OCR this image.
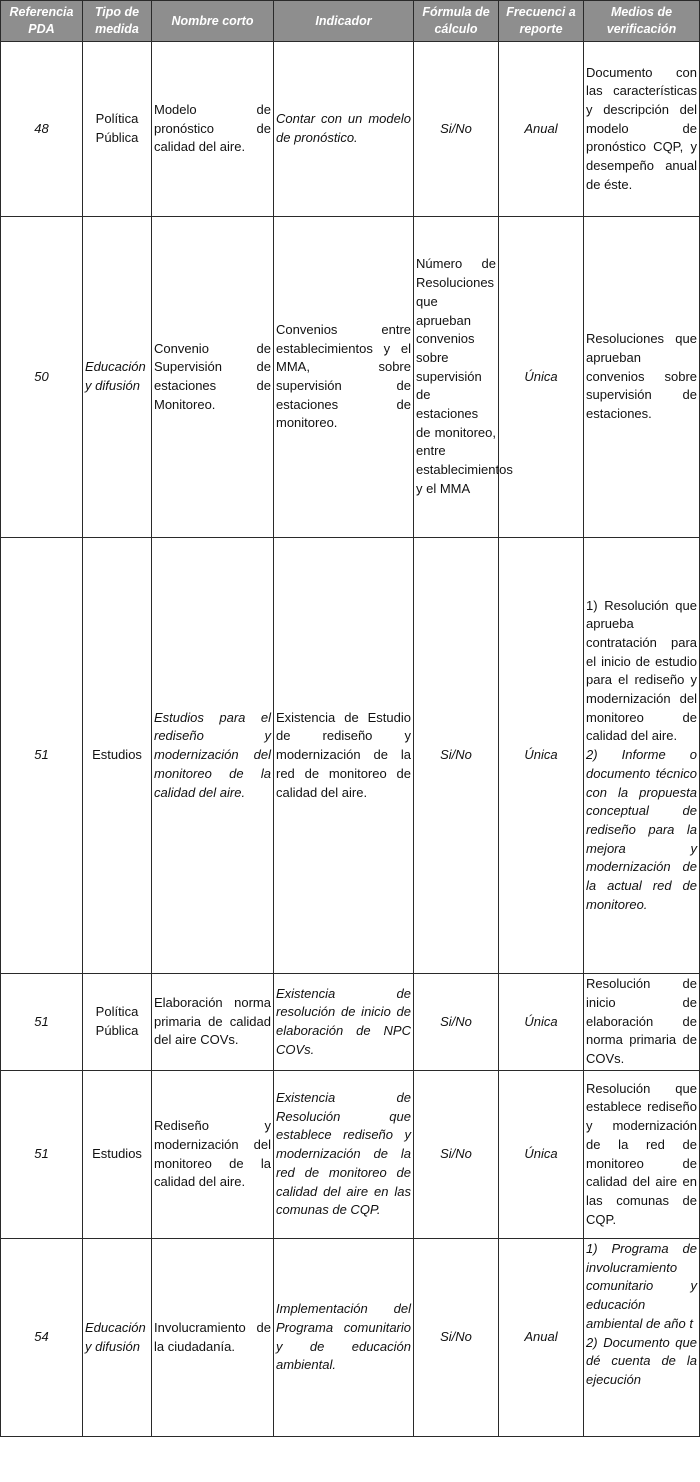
Referencia PDA	Tipo de medida	Nombre corto	Indicador	Fórmula de cálculo	Frecuenci a reporte	Medios de verificación
48	Política Pública	Modelo de pronóstico de calidad del aire.	Contar con un modelo de pronóstico.	Si/No	Anual	Documento con las características y descripción del modelo de pronóstico CQP, y desempeño anual de éste.
50	Educación y difusión	Convenio de Supervisión de estaciones de Monitoreo.	Convenios entre establecimientos y el MMA, sobre supervisión de estaciones de monitoreo.	Número de Resoluciones que aprueban convenios sobre supervisión de estaciones de monitoreo, entre establecimientos y el MMA	Única	Resoluciones que aprueban convenios sobre supervisión de estaciones.
51	Estudios	Estudios para el rediseño y modernización del monitoreo de la calidad del aire.	Existencia de Estudio de rediseño y modernización de la red de monitoreo de calidad del aire.	Si/No	Única	1) Resolución que aprueba contratación para el inicio de estudio para el rediseño y modernización del monitoreo de calidad del aire.
2) Informe o documento técnico con la propuesta conceptual de rediseño para la mejora y modernización de la actual red de monitoreo.

51	Política Pública	Elaboración norma primaria de calidad del aire COVs.	Existencia de resolución de inicio de elaboración de NPC COVs.	Si/No	Única	Resolución de inicio de elaboración de norma primaria de COVs.
51	Estudios	Rediseño y modernización del monitoreo de la calidad del aire.	Existencia de Resolución que establece rediseño y modernización de la red de monitoreo de calidad del aire en las comunas de CQP.	Si/No	Única	Resolución que establece rediseño y modernización de la red de monitoreo de calidad del aire en las comunas de CQP.
54	Educación y difusión	Involucramiento de la ciudadanía.	Implementación del Programa comunitario y de educación ambiental.	Si/No	Anual	1) Programa de involucramiento comunitario y educación ambiental de año t
2) Documento que dé cuenta de la ejecución
